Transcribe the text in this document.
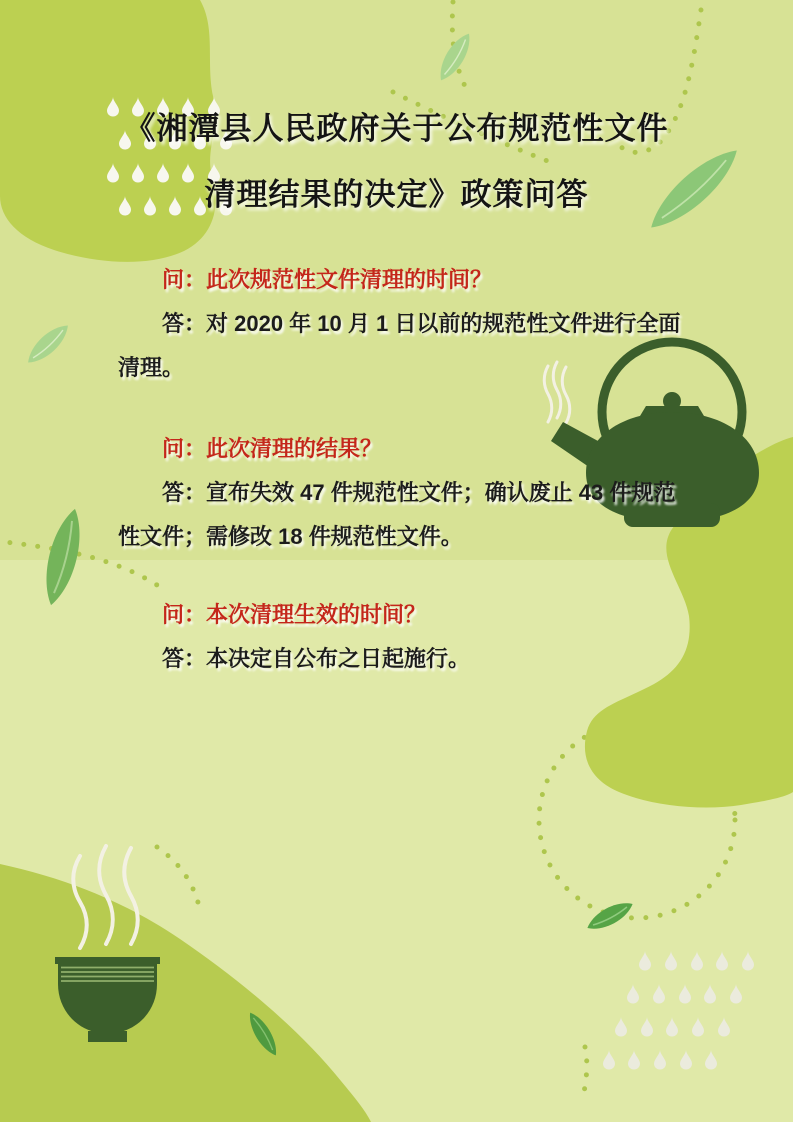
《湘潭县人民政府关于公布规范性文件
清理结果的决定》政策问答

问：此次规范性文件清理的时间？

答：对 2020 年 10 月 1 日以前的规范性文件进行全面清理。

问：此次清理的结果？

答：宣布失效 47 件规范性文件；确认废止 43 件规范性文件；需修改 18 件规范性文件。

问：本次清理生效的时间？

答：本决定自公布之日起施行。
